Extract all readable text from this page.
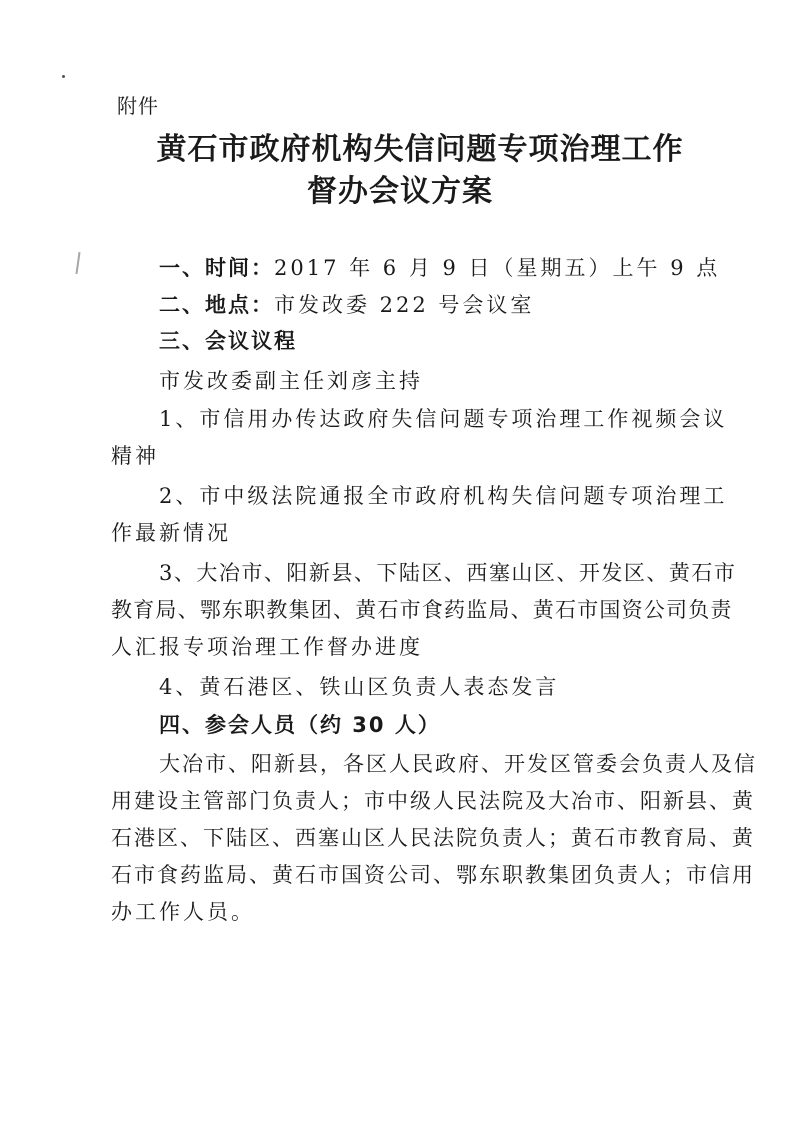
附件
黄石市政府机构失信问题专项治理工作
督办会议方案
一、时间：2017 年 6 月 9 日（星期五）上午 9 点
二、地点：市发改委 222 号会议室
三、会议议程
市发改委副主任刘彦主持
1、市信用办传达政府失信问题专项治理工作视频会议
精神
2、市中级法院通报全市政府机构失信问题专项治理工
作最新情况
3、大冶市、阳新县、下陆区、西塞山区、开发区、黄石市
教育局、鄂东职教集团、黄石市食药监局、黄石市国资公司负责
人汇报专项治理工作督办进度
4、黄石港区、铁山区负责人表态发言
四、参会人员（约 30 人）
大冶市、阳新县，各区人民政府、开发区管委会负责人及信
用建设主管部门负责人；市中级人民法院及大冶市、阳新县、黄
石港区、下陆区、西塞山区人民法院负责人；黄石市教育局、黄
石市食药监局、黄石市国资公司、鄂东职教集团负责人；市信用
办工作人员。
